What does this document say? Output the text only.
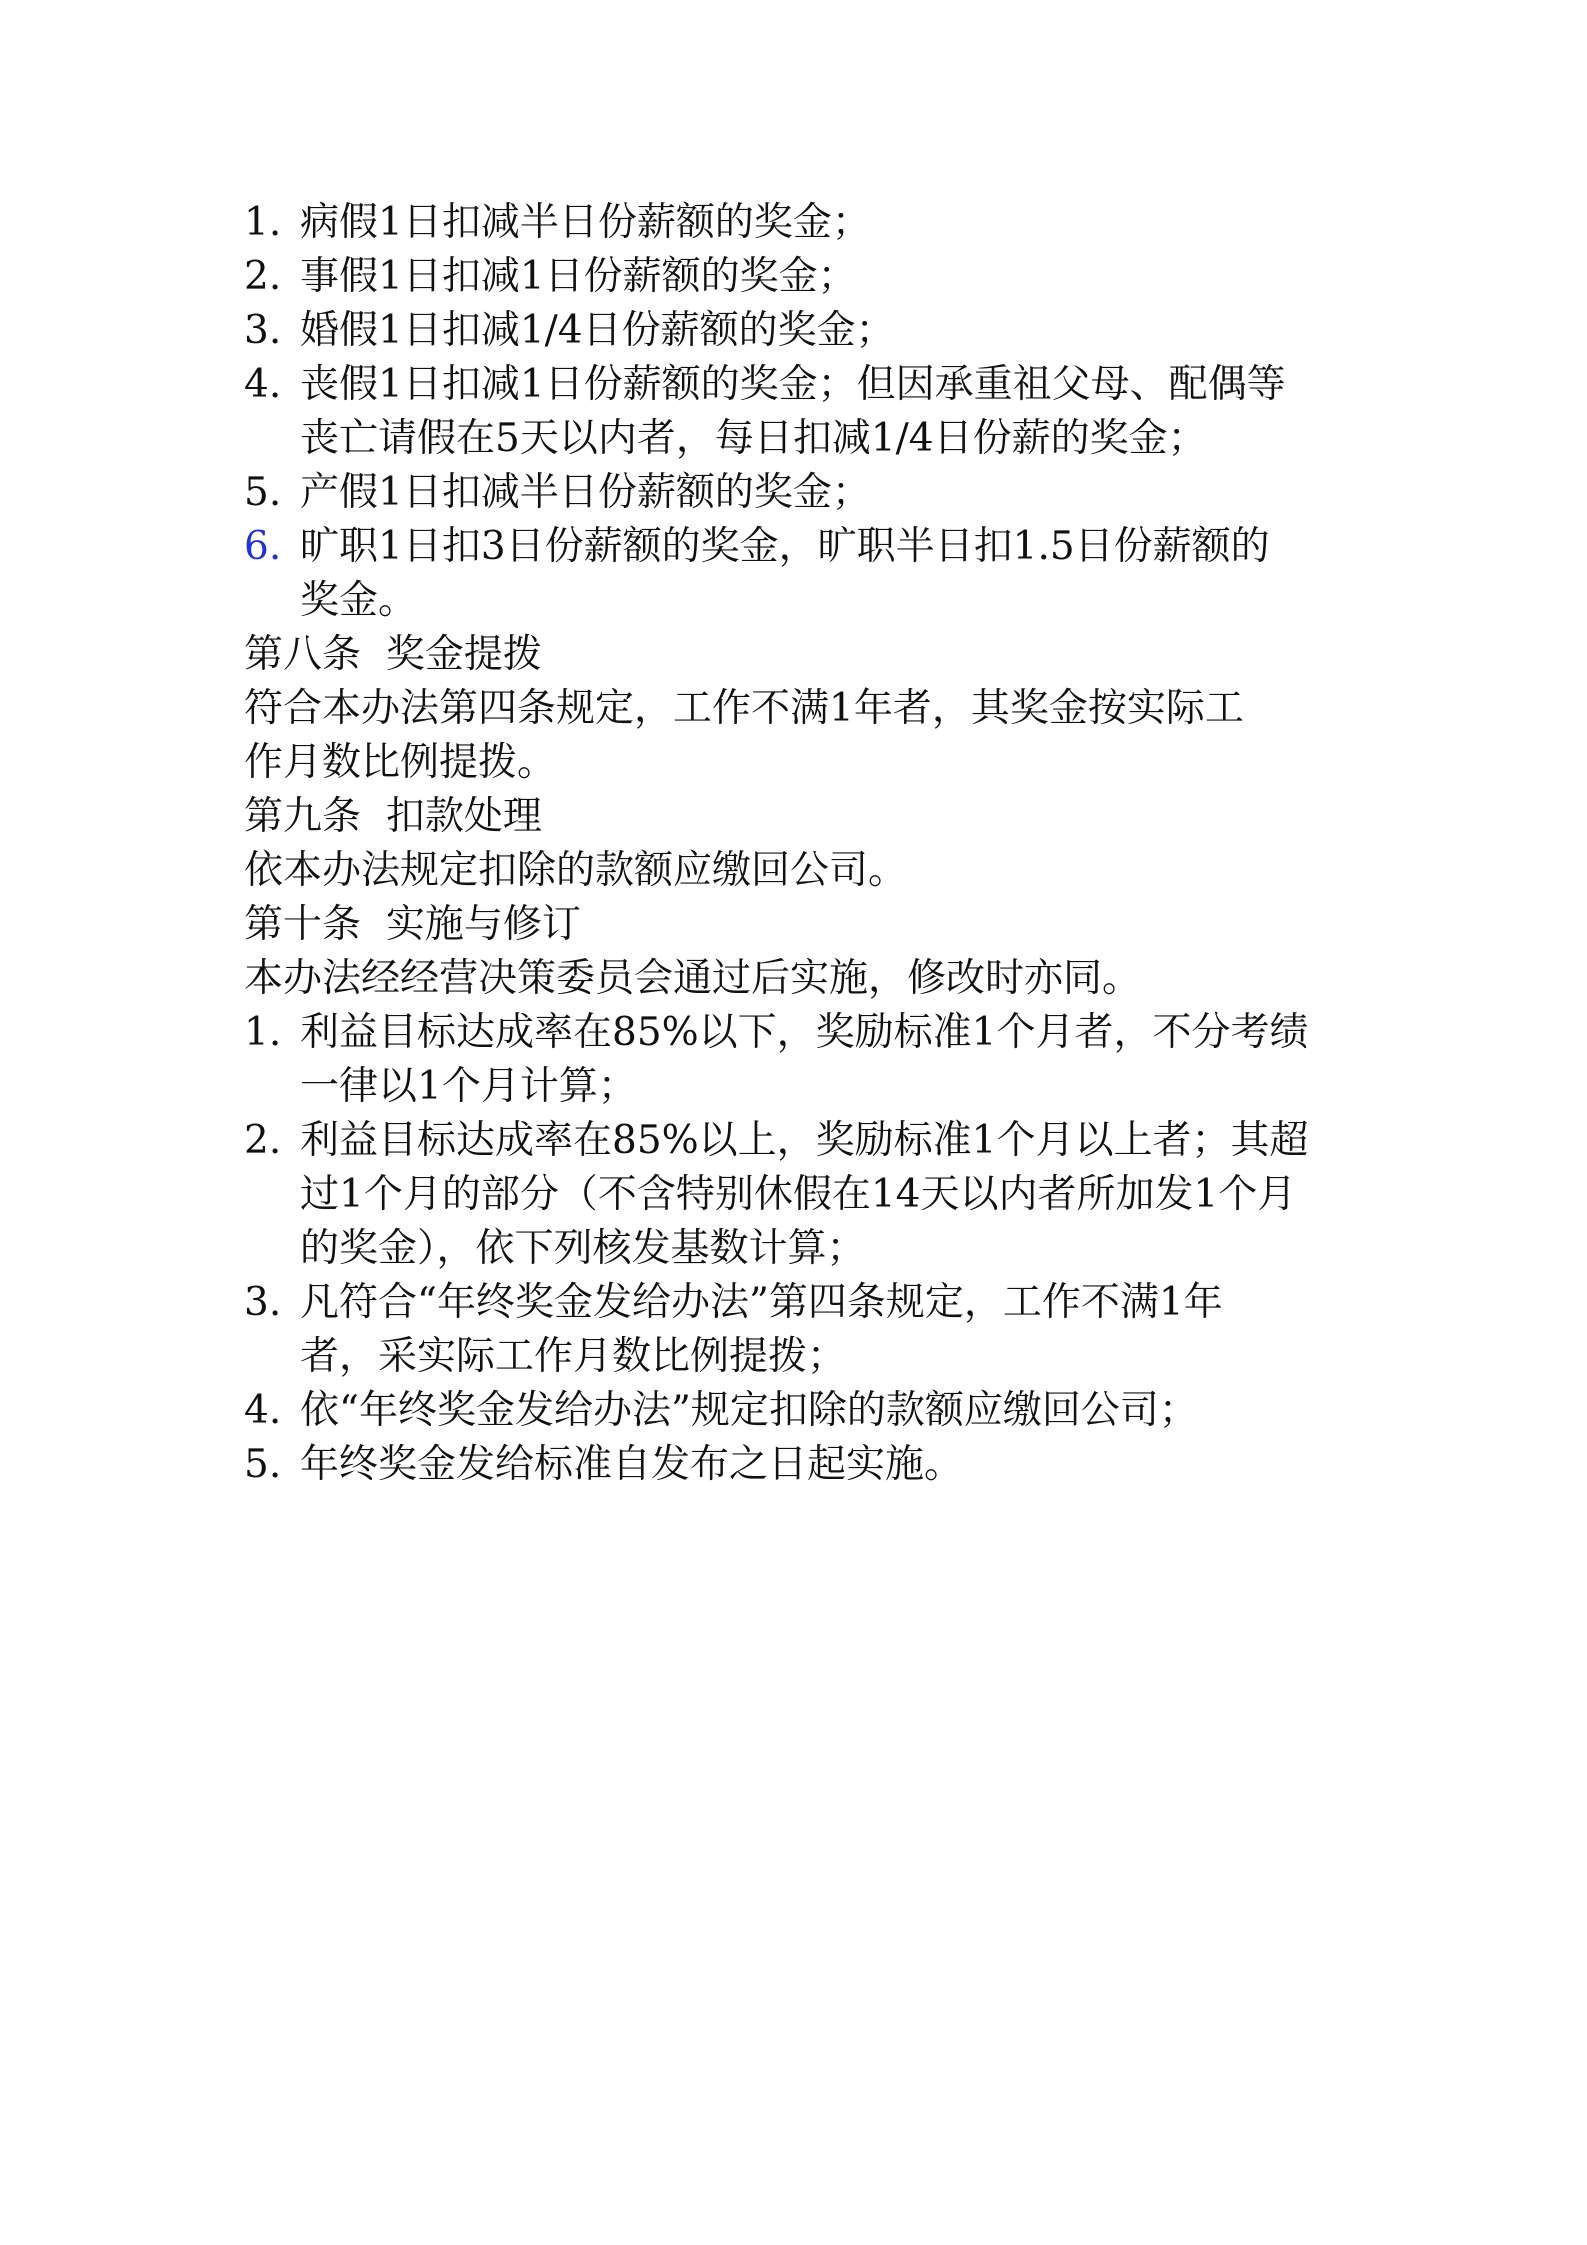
1. 病假1日扣减半日份薪额的奖金；
2. 事假1日扣减1日份薪额的奖金；
3. 婚假1日扣减1/4日份薪额的奖金；
4. 丧假1日扣减1日份薪额的奖金；但因承重祖父母、配偶等
丧亡请假在5天以内者，每日扣减1/4日份薪的奖金；
5. 产假1日扣减半日份薪额的奖金；
6. 旷职1日扣3日份薪额的奖金，旷职半日扣1.5日份薪额的
奖金。
第八条 奖金提拨
符合本办法第四条规定，工作不满1年者，其奖金按实际工
作月数比例提拨。
第九条 扣款处理
依本办法规定扣除的款额应缴回公司。
第十条 实施与修订
本办法经经营决策委员会通过后实施，修改时亦同。
1. 利益目标达成率在85%以下，奖励标准1个月者，不分考绩
一律以1个月计算；
2. 利益目标达成率在85%以上，奖励标准1个月以上者；其超
过1个月的部分（不含特别休假在14天以内者所加发1个月
的奖金），依下列核发基数计算；
3. 凡符合“年终奖金发给办法”第四条规定，工作不满1年
者，采实际工作月数比例提拨；
4. 依“年终奖金发给办法”规定扣除的款额应缴回公司；
5. 年终奖金发给标准自发布之日起实施。
